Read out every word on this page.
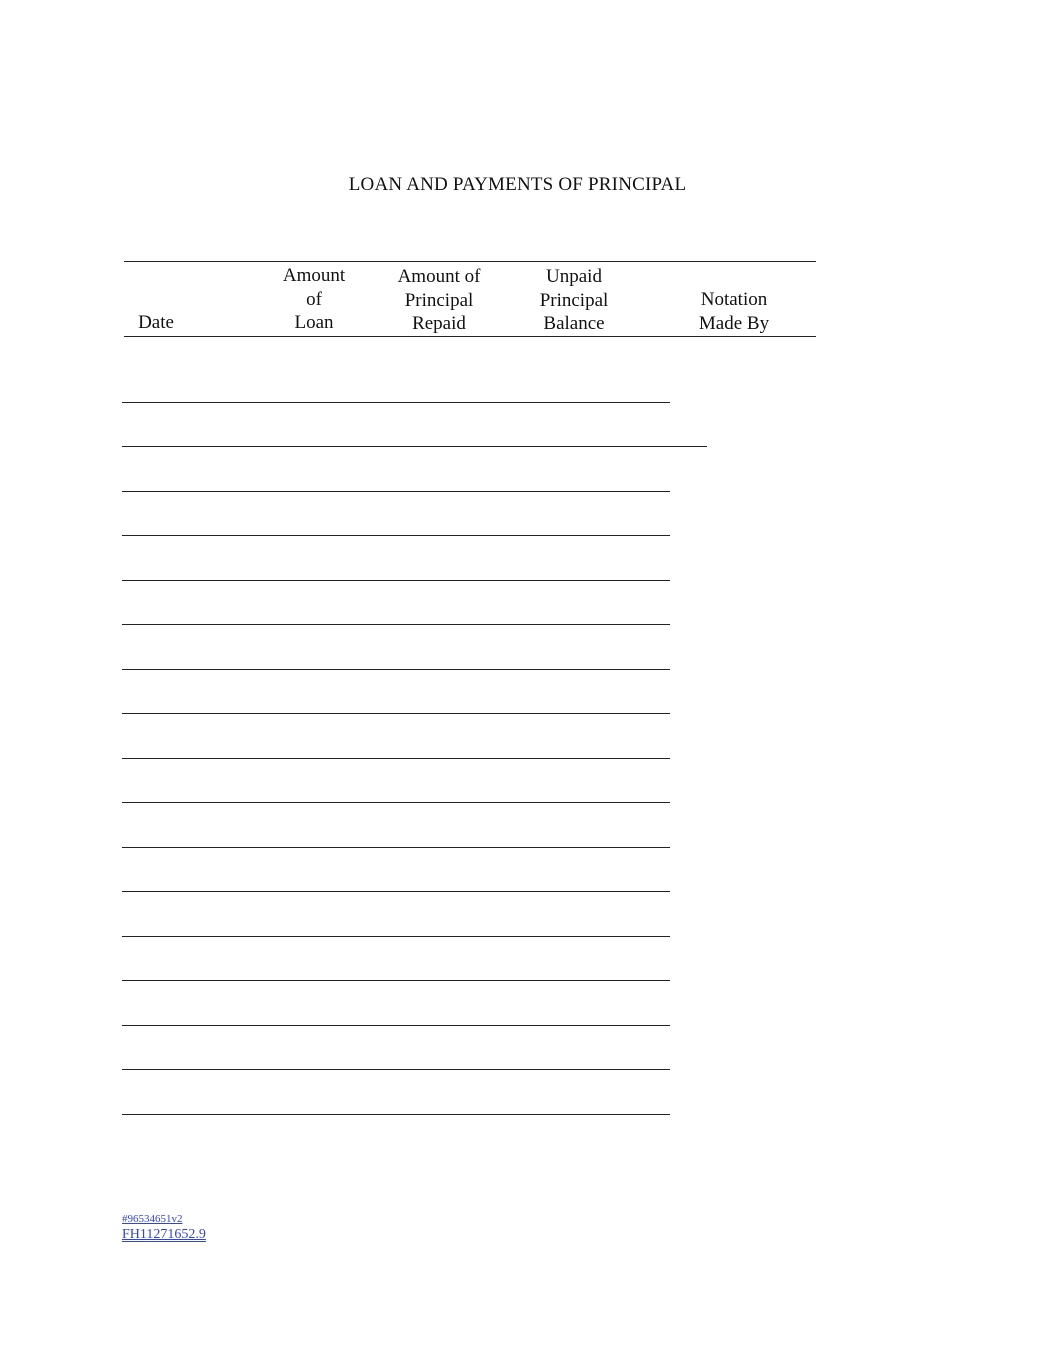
LOAN AND PAYMENTS OF PRINCIPAL
Date
Amount
of
Loan
Amount of
Principal
Repaid
Unpaid
Principal
Balance
Notation
Made By
#96534651v2
FH11271652.9
